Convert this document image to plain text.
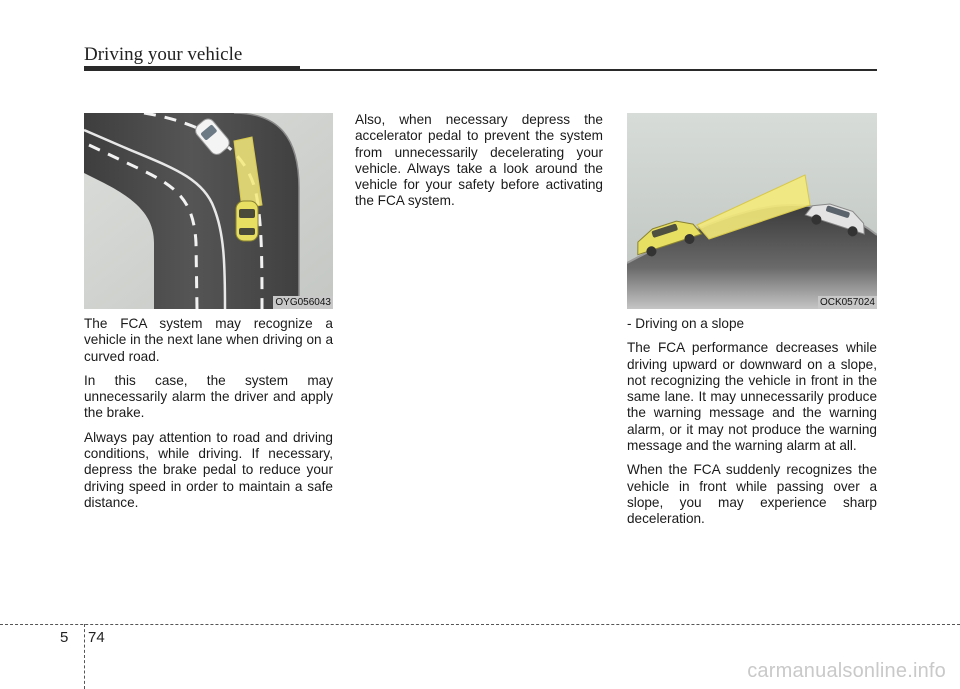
Driving your vehicle
OYG056043	OCK057024

The FCA system may recognize a vehicle in the next lane when driving on a curved road.

In this case, the system may unnecessarily alarm the driver and apply the brake.

Always pay attention to road and driving conditions, while driving. If necessary, depress the brake pedal to reduce your driving speed in order to maintain a safe distance.

Also, when necessary depress the accelerator pedal to prevent the system from unnecessarily decelerating your vehicle. Always take a look around the vehicle for your safety before activating the FCA system.

- Driving on a slope

The FCA performance decreases while driving upward or downward on a slope, not recognizing the vehicle in front in the same lane. It may unnecessarily produce the warning message and the warning alarm, or it may not produce the warning message and the warning alarm at all.

When the FCA suddenly recognizes the vehicle in front while passing over a slope, you may experience sharp deceleration.

5 74
carmanualsonline.info
